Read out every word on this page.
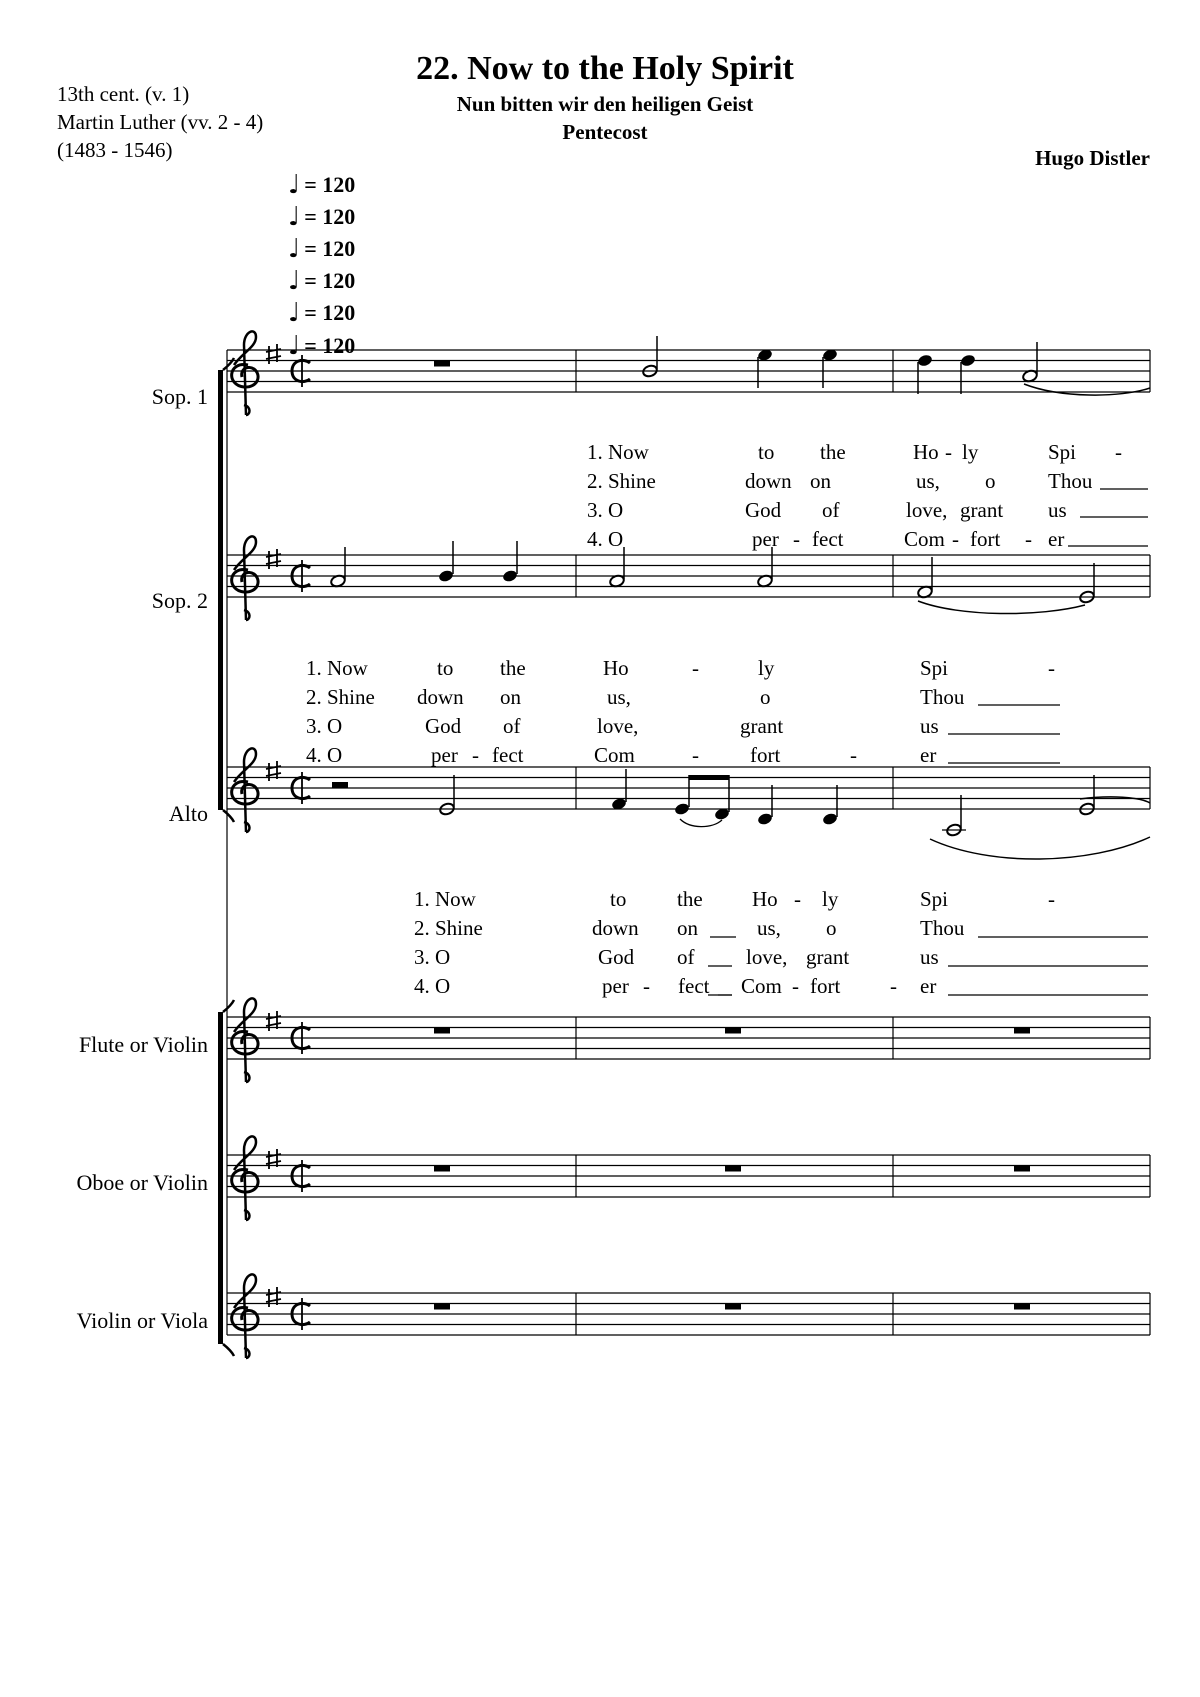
22. Now to the Holy Spirit
Nun bitten wir den heiligen Geist
Pentecost
13th cent. (v. 1)
Martin Luther (vv. 2 - 4)
(1483 - 1546)	Hugo Distler
♩ = 120
♩ = 120
♩ = 120
♩ = 120
♩ = 120
♩ = 120
Sop. 1
Sop. 2
Alto
Flute or Violin
Oboe or Violin
Violin or Viola
1. Now	to the	Ho - ly	Spi -
2. Shine	down on	us, o	Thou
3. O	God of	love, grant us
4. O	per - fect	Com - fort - er
1. Now	to the	Ho	-	ly	Spi	-
2. Shine down on	us,	o	Thou
3. O	God of	love,	grant	us
4. O	per - fect	Com	- fort	-	er
1. Now	to the Ho - ly	Spi	-
2. Shine	down on	us, o	Thou
3. O	God of love, grant	us
4. O	per - fect Com - fort - er
